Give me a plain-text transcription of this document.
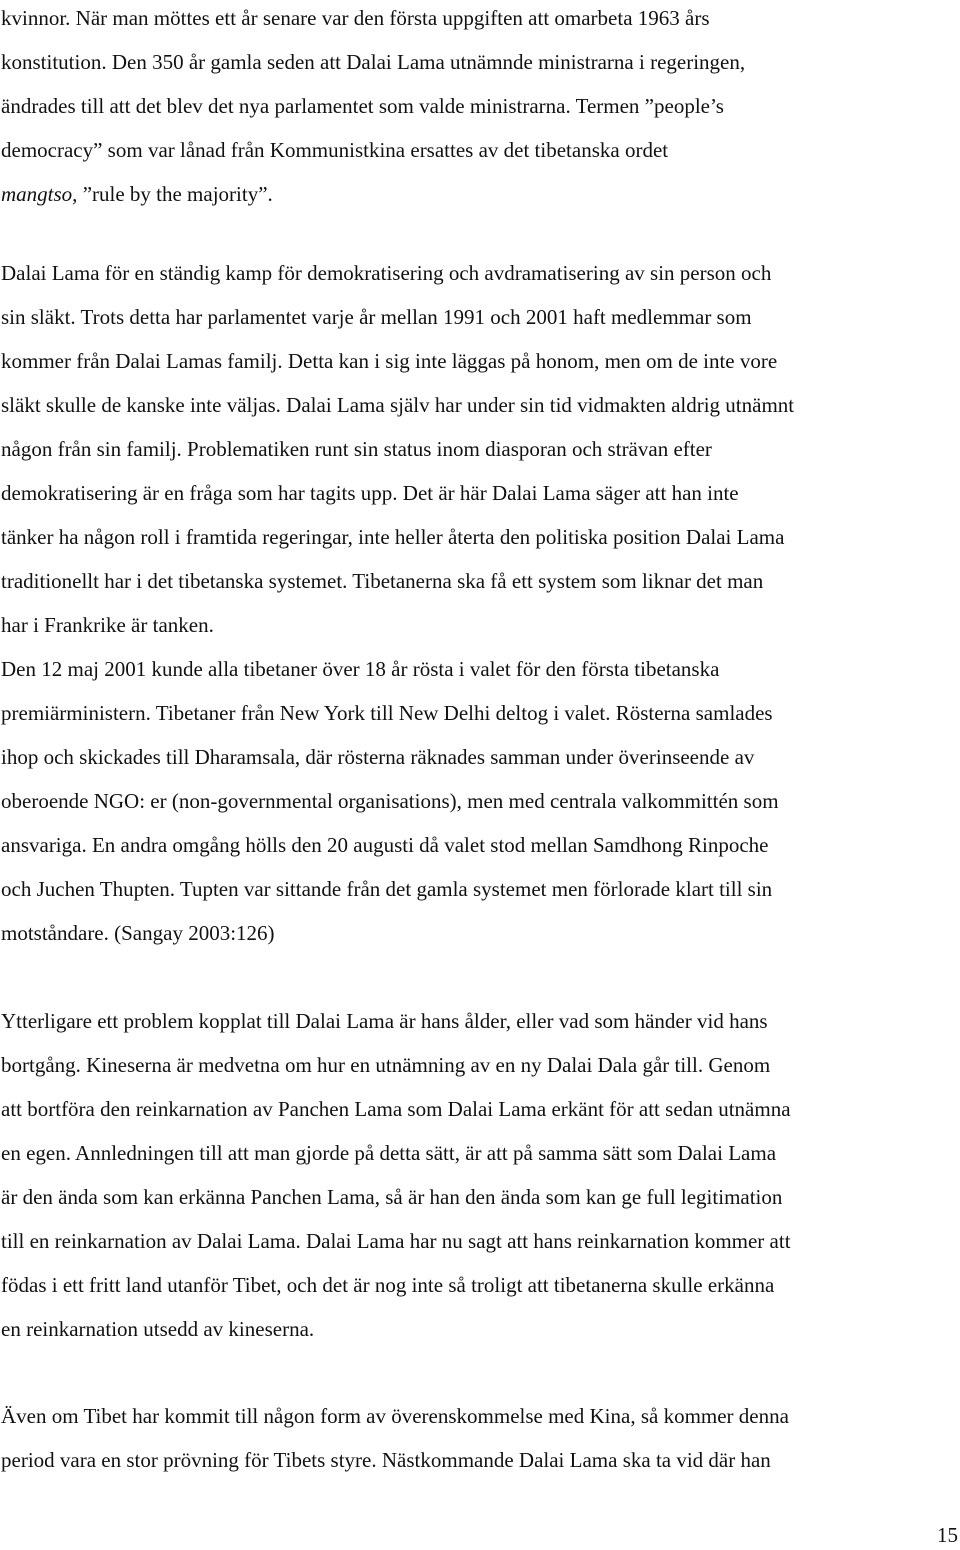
kvinnor. När man möttes ett år senare var den första uppgiften att omarbeta 1963 års
konstitution. Den 350 år gamla seden att Dalai Lama utnämnde ministrarna i regeringen,
ändrades till att det blev det nya parlamentet som valde ministrarna. Termen ”people’s
democracy” som var lånad från Kommunistkina ersattes av det tibetanska ordet
mangtso, ”rule by the majority”.

Dalai Lama för en ständig kamp för demokratisering och avdramatisering av sin person och
sin släkt. Trots detta har parlamentet varje år mellan 1991 och 2001 haft medlemmar som
kommer från Dalai Lamas familj. Detta kan i sig inte läggas på honom, men om de inte vore
släkt skulle de kanske inte väljas. Dalai Lama själv har under sin tid vidmakten aldrig utnämnt
någon från sin familj. Problematiken runt sin status inom diasporan och strävan efter
demokratisering är en fråga som har tagits upp. Det är här Dalai Lama säger att han inte
tänker ha någon roll i framtida regeringar, inte heller återta den politiska position Dalai Lama
traditionellt har i det tibetanska systemet. Tibetanerna ska få ett system som liknar det man
har i Frankrike är tanken.
Den 12 maj 2001 kunde alla tibetaner över 18 år rösta i valet för den första tibetanska
premiärministern. Tibetaner från New York till New Delhi deltog i valet. Rösterna samlades
ihop och skickades till Dharamsala, där rösterna räknades samman under överinseende av
oberoende NGO: er (non-governmental organisations), men med centrala valkommittén som
ansvariga. En andra omgång hölls den 20 augusti då valet stod mellan Samdhong Rinpoche
och Juchen Thupten. Tupten var sittande från det gamla systemet men förlorade klart till sin
motståndare. (Sangay 2003:126)

Ytterligare ett problem kopplat till Dalai Lama är hans ålder, eller vad som händer vid hans
bortgång. Kineserna är medvetna om hur en utnämning av en ny Dalai Dala går till. Genom
att bortföra den reinkarnation av Panchen Lama som Dalai Lama erkänt för att sedan utnämna
en egen. Annledningen till att man gjorde på detta sätt, är att på samma sätt som Dalai Lama
är den ända som kan erkänna Panchen Lama, så är han den ända som kan ge full legitimation
till en reinkarnation av Dalai Lama. Dalai Lama har nu sagt att hans reinkarnation kommer att
födas i ett fritt land utanför Tibet, och det är nog inte så troligt att tibetanerna skulle erkänna
en reinkarnation utsedd av kineserna.

Även om Tibet har kommit till någon form av överenskommelse med Kina, så kommer denna
period vara en stor prövning för Tibets styre. Nästkommande Dalai Lama ska ta vid där han

15
